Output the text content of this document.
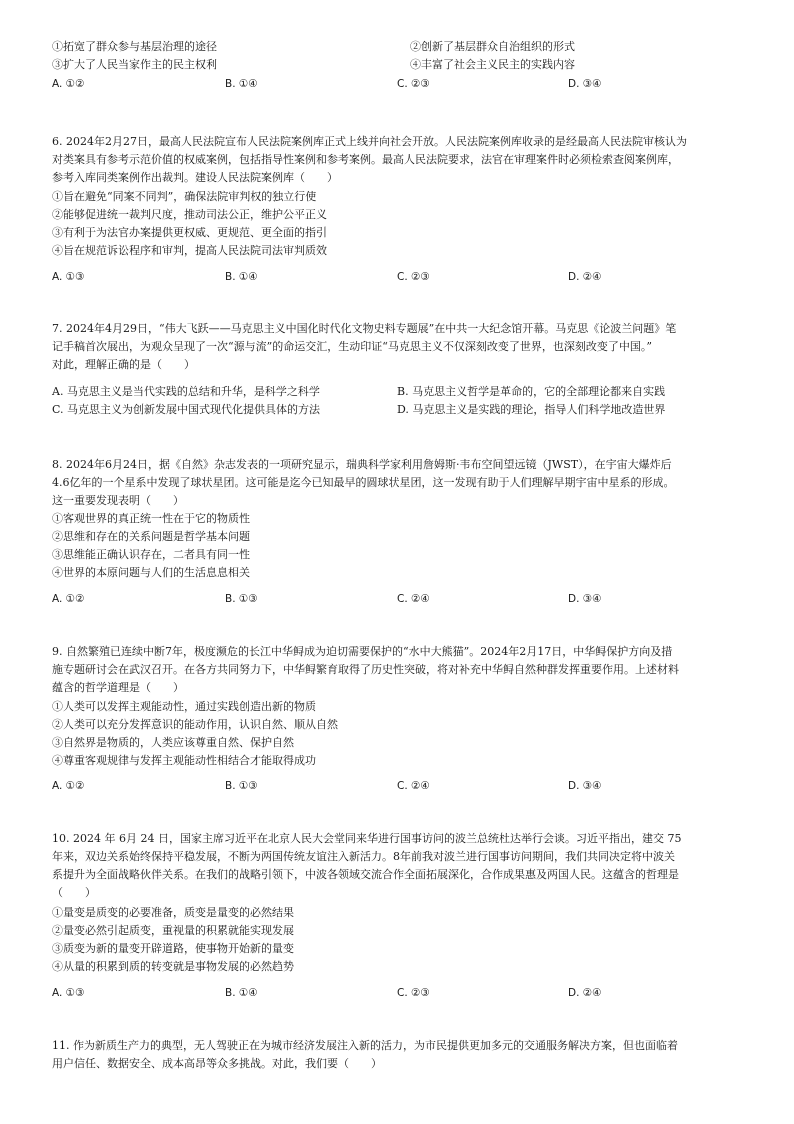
①拓宽了群众参与基层治理的途径	②创新了基层群众自治组织的形式
③扩大了人民当家作主的民主权利	④丰富了社会主义民主的实践内容
A. ①②	B. ①④	C. ②③	D. ③④

6. 2024年2月27日，最高人民法院宣布人民法院案例库正式上线并向社会开放。人民法院案例库收录的是经最高人民法院审核认为

对类案具有参考示范价值的权威案例，包括指导性案例和参考案例。最高人民法院要求，法官在审理案件时必须检索查阅案例库，

参考入库同类案例作出裁判。建设人民法院案例库（　　）

①旨在避免“同案不同判”，确保法院审判权的独立行使
②能够促进统一裁判尺度，推动司法公正，维护公平正义
③有利于为法官办案提供更权威、更规范、更全面的指引
④旨在规范诉讼程序和审判，提高人民法院司法审判质效
A. ①③	B. ①④	C. ②③	D. ②④

7. 2024年4月29日，“伟大飞跃——马克思主义中国化时代化文物史料专题展”在中共一大纪念馆开幕。马克思《论波兰问题》笔

记手稿首次展出，为观众呈现了一次“源与流”的命运交汇，生动印证“马克思主义不仅深刻改变了世界，也深刻改变了中国。”

对此，理解正确的是（　　）

A. 马克思主义是当代实践的总结和升华，是科学之科学	B. 马克思主义哲学是革命的，它的全部理论都来自实践
C. 马克思主义为创新发展中国式现代化提供具体的方法	D. 马克思主义是实践的理论，指导人们科学地改造世界

8. 2024年6月24日，据《自然》杂志发表的一项研究显示，瑞典科学家利用詹姆斯·韦布空间望远镜（JWST），在宇宙大爆炸后

4.6亿年的一个星系中发现了球状星团。这可能是迄今已知最早的圆球状星团，这一发现有助于人们理解早期宇宙中星系的形成。

这一重要发现表明（　　）

①客观世界的真正统一性在于它的物质性
②思维和存在的关系问题是哲学基本问题
③思维能正确认识存在，二者具有同一性
④世界的本原问题与人们的生活息息相关
A. ①②	B. ①③	C. ②④	D. ③④

9. 自然繁殖已连续中断7年，极度濒危的长江中华鲟成为迫切需要保护的“水中大熊猫”。2024年2月17日，中华鲟保护方向及措

施专题研讨会在武汉召开。在各方共同努力下，中华鲟繁育取得了历史性突破，将对补充中华鲟自然种群发挥重要作用。上述材料

蕴含的哲学道理是（　　）

①人类可以发挥主观能动性，通过实践创造出新的物质
②人类可以充分发挥意识的能动作用，认识自然、顺从自然
③自然界是物质的，人类应该尊重自然、保护自然
④尊重客观规律与发挥主观能动性相结合才能取得成功
A. ①②	B. ①③	C. ②④	D. ③④

10. 2024 年 6月 24 日，国家主席习近平在北京人民大会堂同来华进行国事访问的波兰总统杜达举行会谈。习近平指出，建交 75

年来，双边关系始终保持平稳发展，不断为两国传统友谊注入新活力。8年前我对波兰进行国事访问期间，我们共同决定将中波关

系提升为全面战略伙伴关系。在我们的战略引领下，中波各领域交流合作全面拓展深化，合作成果惠及两国人民。这蕴含的哲理是

（　　）

①量变是质变的必要准备，质变是量变的必然结果
②量变必然引起质变，重视量的积累就能实现发展
③质变为新的量变开辟道路，使事物开始新的量变
④从量的积累到质的转变就是事物发展的必然趋势
A. ①③	B. ①④	C. ②③	D. ②④

11. 作为新质生产力的典型，无人驾驶正在为城市经济发展注入新的活力，为市民提供更加多元的交通服务解决方案，但也面临着

用户信任、数据安全、成本高昂等众多挑战。对此，我们要（　　）
